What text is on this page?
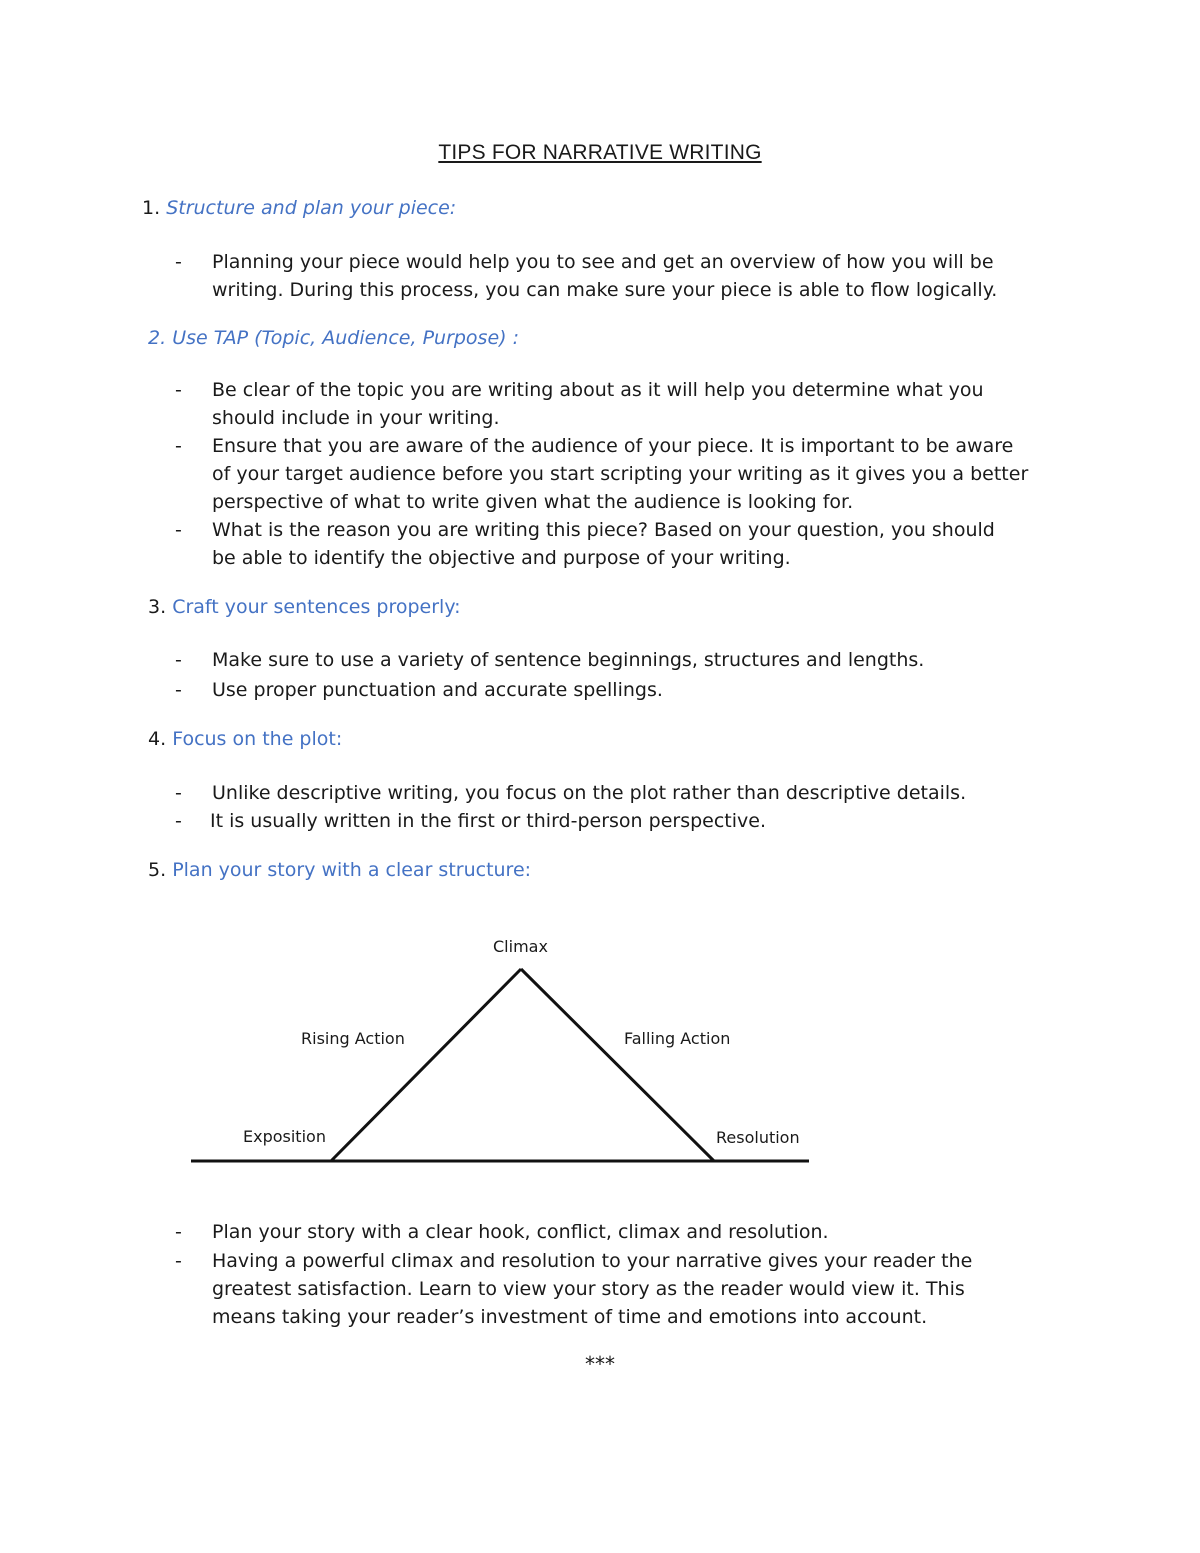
TIPS FOR NARRATIVE WRITING
1. Structure and plan your piece:
- Planning your piece would help you to see and get an overview of how you will be
writing. During this process, you can make sure your piece is able to flow logically.
2. Use TAP (Topic, Audience, Purpose) :
- Be clear of the topic you are writing about as it will help you determine what you
should include in your writing.
- Ensure that you are aware of the audience of your piece. It is important to be aware
of your target audience before you start scripting your writing as it gives you a better
perspective of what to write given what the audience is looking for.
- What is the reason you are writing this piece? Based on your question, you should
be able to identify the objective and purpose of your writing.
3. Craft your sentences properly:
- Make sure to use a variety of sentence beginnings, structures and lengths.
- Use proper punctuation and accurate spellings.
4. Focus on the plot:
- Unlike descriptive writing, you focus on the plot rather than descriptive details.
- It is usually written in the first or third-person perspective.
5. Plan your story with a clear structure:
Climax
Rising Action	Falling Action
Exposition	Resolution
- Plan your story with a clear hook, conflict, climax and resolution.
- Having a powerful climax and resolution to your narrative gives your reader the
greatest satisfaction. Learn to view your story as the reader would view it. This
means taking your reader’s investment of time and emotions into account.
***
